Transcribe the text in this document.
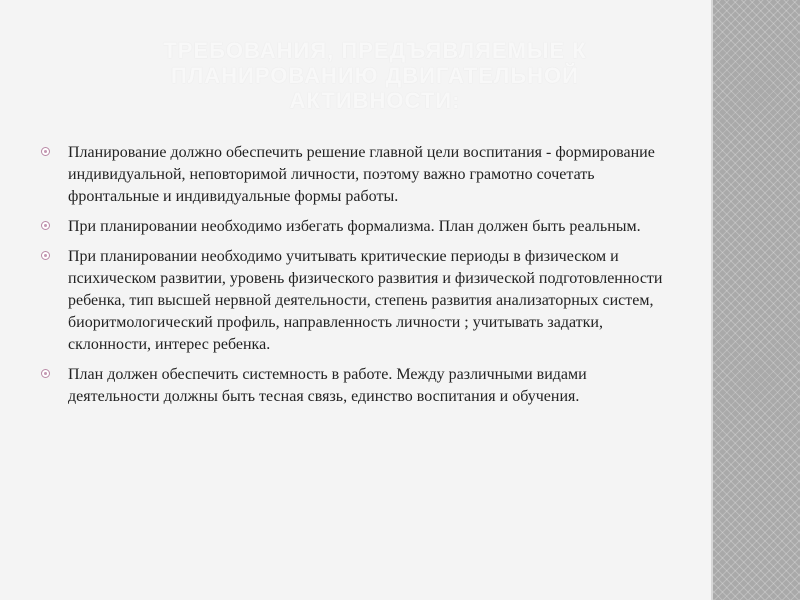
ТРЕБОВАНИЯ, ПРЕДЪЯВЛЯЕМЫЕ К
ПЛАНИРОВАНИЮ ДВИГАТЕЛЬНОЙ
АКТИВНОСТИ:
Планирование должно обеспечить решение главной цели воспитания - формирование индивидуальной, неповторимой личности, поэтому важно грамотно сочетать фронтальные и индивидуальные формы работы.
При планировании необходимо избегать формализма. План должен быть реальным.
При планировании необходимо учитывать критические периоды в физическом и психическом развитии, уровень физического развития и физической подготовленности ребенка, тип высшей нервной деятельности, степень развития анализаторных систем, биоритмологический профиль, направленность личности ; учитывать задатки, склонности, интерес ребенка.
План должен обеспечить системность в работе. Между различными видами деятельности должны быть тесная связь, единство воспитания и обучения.
